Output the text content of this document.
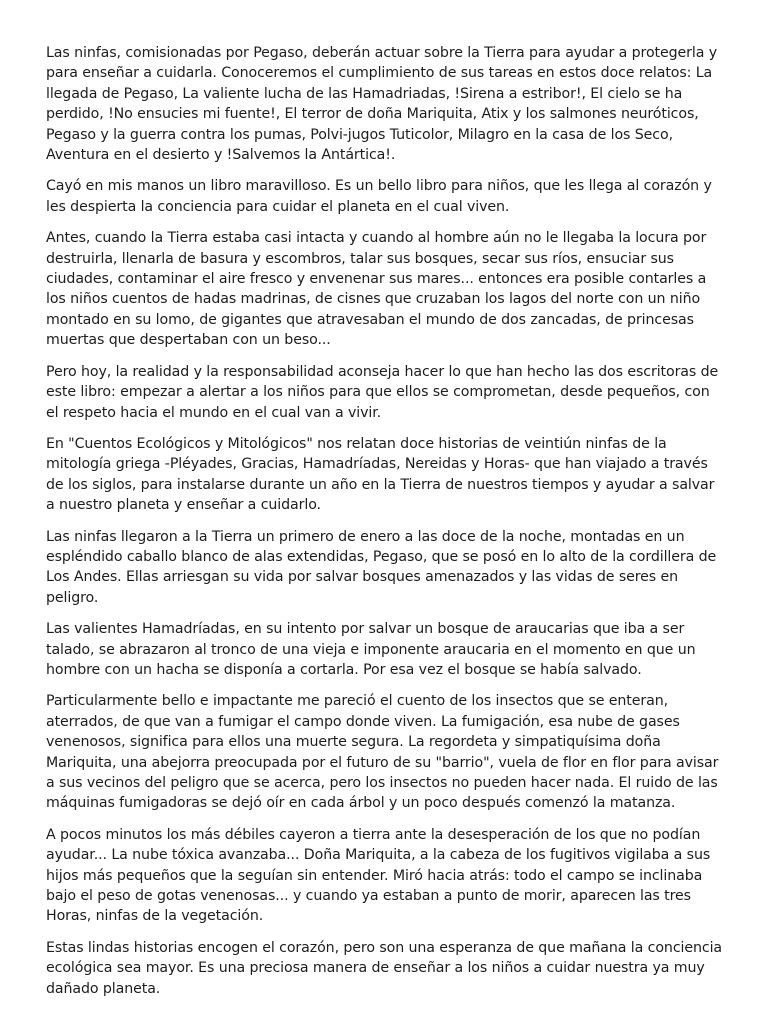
Las ninfas, comisionadas por Pegaso, deberán actuar sobre la Tierra para ayudar a protegerla y para enseñar a cuidarla. Conoceremos el cumplimiento de sus tareas en estos doce relatos: La llegada de Pegaso, La valiente lucha de las Hamadriadas, !Sirena a estribor!, El cielo se ha perdido, !No ensucies mi fuente!, El terror de doña Mariquita, Atix y los salmones neuróticos, Pegaso y la guerra contra los pumas, Polvi-jugos Tuticolor, Milagro en la casa de los Seco, Aventura en el desierto y !Salvemos la Antártica!.

Cayó en mis manos un libro maravilloso. Es un bello libro para niños, que les llega al corazón y les despierta la conciencia para cuidar el planeta en el cual viven.

Antes, cuando la Tierra estaba casi intacta y cuando al hombre aún no le llegaba la locura por destruirla, llenarla de basura y escombros, talar sus bosques, secar sus ríos, ensuciar sus ciudades, contaminar el aire fresco y envenenar sus mares... entonces era posible contarles a los niños cuentos de hadas madrinas, de cisnes que cruzaban los lagos del norte con un niño montado en su lomo, de gigantes que atravesaban el mundo de dos zancadas, de princesas muertas que despertaban con un beso...

Pero hoy, la realidad y la responsabilidad aconseja hacer lo que han hecho las dos escritoras de este libro: empezar a alertar a los niños para que ellos se comprometan, desde pequeños, con el respeto hacia el mundo en el cual van a vivir.

En "Cuentos Ecológicos y Mitológicos" nos relatan doce historias de veintiún ninfas de la mitología griega -Pléyades, Gracias, Hamadríadas, Nereidas y Horas- que han viajado a través de los siglos, para instalarse durante un año en la Tierra de nuestros tiempos y ayudar a salvar a nuestro planeta y enseñar a cuidarlo.

Las ninfas llegaron a la Tierra un primero de enero a las doce de la noche, montadas en un espléndido caballo blanco de alas extendidas, Pegaso, que se posó en lo alto de la cordillera de Los Andes. Ellas arriesgan su vida por salvar bosques amenazados y las vidas de seres en peligro.

Las valientes Hamadríadas, en su intento por salvar un bosque de araucarias que iba a ser talado, se abrazaron al tronco de una vieja e imponente araucaria en el momento en que un hombre con un hacha se disponía a cortarla. Por esa vez el bosque se había salvado.

Particularmente bello e impactante me pareció el cuento de los insectos que se enteran, aterrados, de que van a fumigar el campo donde viven. La fumigación, esa nube de gases venenosos, significa para ellos una muerte segura. La regordeta y simpatiquísima doña Mariquita, una abejorra preocupada por el futuro de su "barrio", vuela de flor en flor para avisar a sus vecinos del peligro que se acerca, pero los insectos no pueden hacer nada. El ruido de las máquinas fumigadoras se dejó oír en cada árbol y un poco después comenzó la matanza.

A pocos minutos los más débiles cayeron a tierra ante la desesperación de los que no podían ayudar... La nube tóxica avanzaba... Doña Mariquita, a la cabeza de los fugitivos vigilaba a sus hijos más pequeños que la seguían sin entender. Miró hacia atrás: todo el campo se inclinaba bajo el peso de gotas venenosas... y cuando ya estaban a punto de morir, aparecen las tres Horas, ninfas de la vegetación.

Estas lindas historias encogen el corazón, pero son una esperanza de que mañana la conciencia ecológica sea mayor. Es una preciosa manera de enseñar a los niños a cuidar nuestra ya muy dañado planeta.
